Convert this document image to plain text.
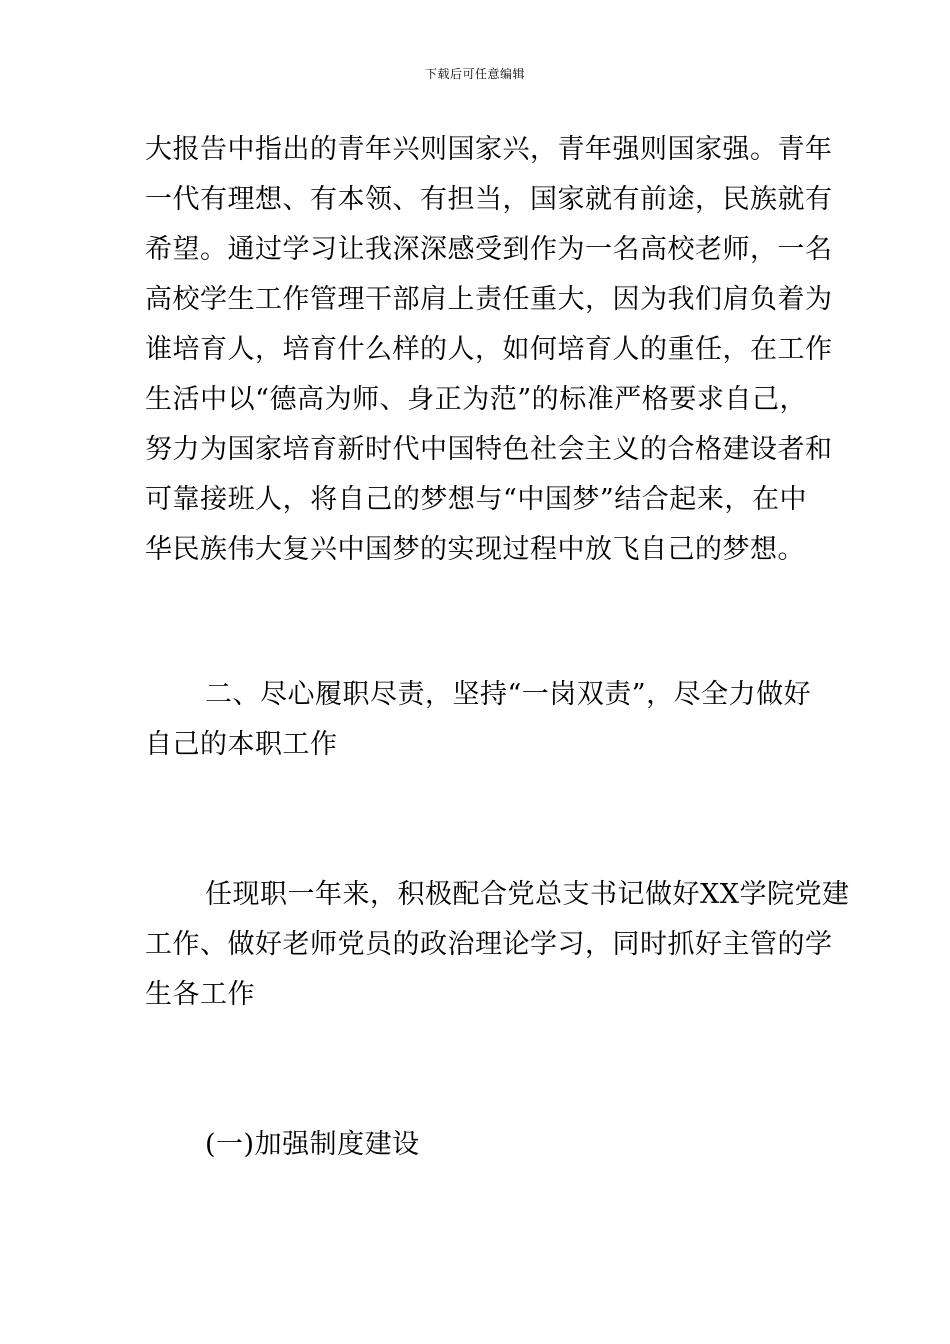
下载后可任意编辑
大报告中指出的青年兴则国家兴，青年强则国家强。青年
一代有理想、有本领、有担当，国家就有前途，民族就有
希望。通过学习让我深深感受到作为一名高校老师，一名
高校学生工作管理干部肩上责任重大，因为我们肩负着为
谁培育人，培育什么样的人，如何培育人的重任，在工作
生活中以“德高为师、身正为范”的标准严格要求自己，
努力为国家培育新时代中国特色社会主义的合格建设者和
可靠接班人，将自己的梦想与“中国梦”结合起来，在中
华民族伟大复兴中国梦的实现过程中放飞自己的梦想。
二、尽心履职尽责，坚持“一岗双责”，尽全力做好
自己的本职工作
任现职一年来，积极配合党总支书记做好XX学院党建
工作、做好老师党员的政治理论学习，同时抓好主管的学
生各工作
(一)加强制度建设
